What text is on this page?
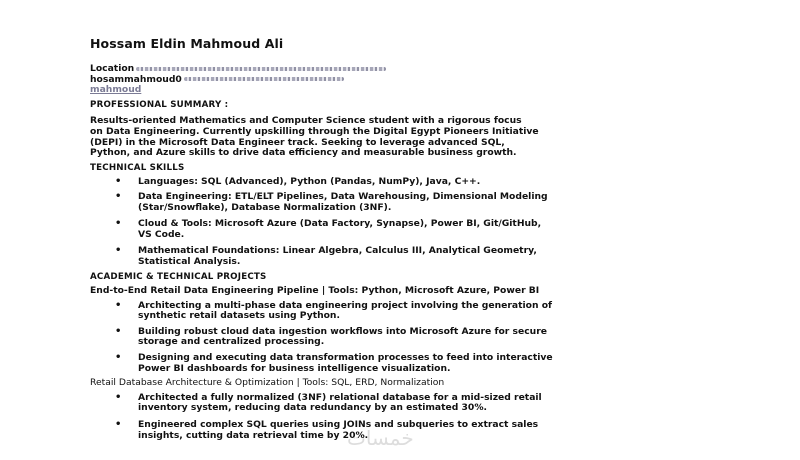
Hossam Eldin Mahmoud Ali
Location
hosammahmoud0
mahmoud
PROFESSIONAL SUMMARY :
Results-oriented Mathematics and Computer Science student with a rigorous focus
on Data Engineering. Currently upskilling through the Digital Egypt Pioneers Initiative
(DEPI) in the Microsoft Data Engineer track. Seeking to leverage advanced SQL,
Python, and Azure skills to drive data efficiency and measurable business growth.
TECHNICAL SKILLS
• Languages: SQL (Advanced), Python (Pandas, NumPy), Java, C++.
• Data Engineering: ETL/ELT Pipelines, Data Warehousing, Dimensional Modeling
(Star/Snowflake), Database Normalization (3NF).
• Cloud & Tools: Microsoft Azure (Data Factory, Synapse), Power BI, Git/GitHub,
VS Code.
• Mathematical Foundations: Linear Algebra, Calculus III, Analytical Geometry,
Statistical Analysis.
ACADEMIC & TECHNICAL PROJECTS
End-to-End Retail Data Engineering Pipeline | Tools: Python, Microsoft Azure, Power BI
• Architecting a multi-phase data engineering project involving the generation of
synthetic retail datasets using Python.
• Building robust cloud data ingestion workflows into Microsoft Azure for secure
storage and centralized processing.
• Designing and executing data transformation processes to feed into interactive
Power BI dashboards for business intelligence visualization.
Retail Database Architecture & Optimization | Tools: SQL, ERD, Normalization
• Architected a fully normalized (3NF) relational database for a mid-sized retail
inventory system, reducing data redundancy by an estimated 30%.
• Engineered complex SQL queries using JOINs and subqueries to extract sales
insights, cutting data retrieval time by 20%.
خمسات
